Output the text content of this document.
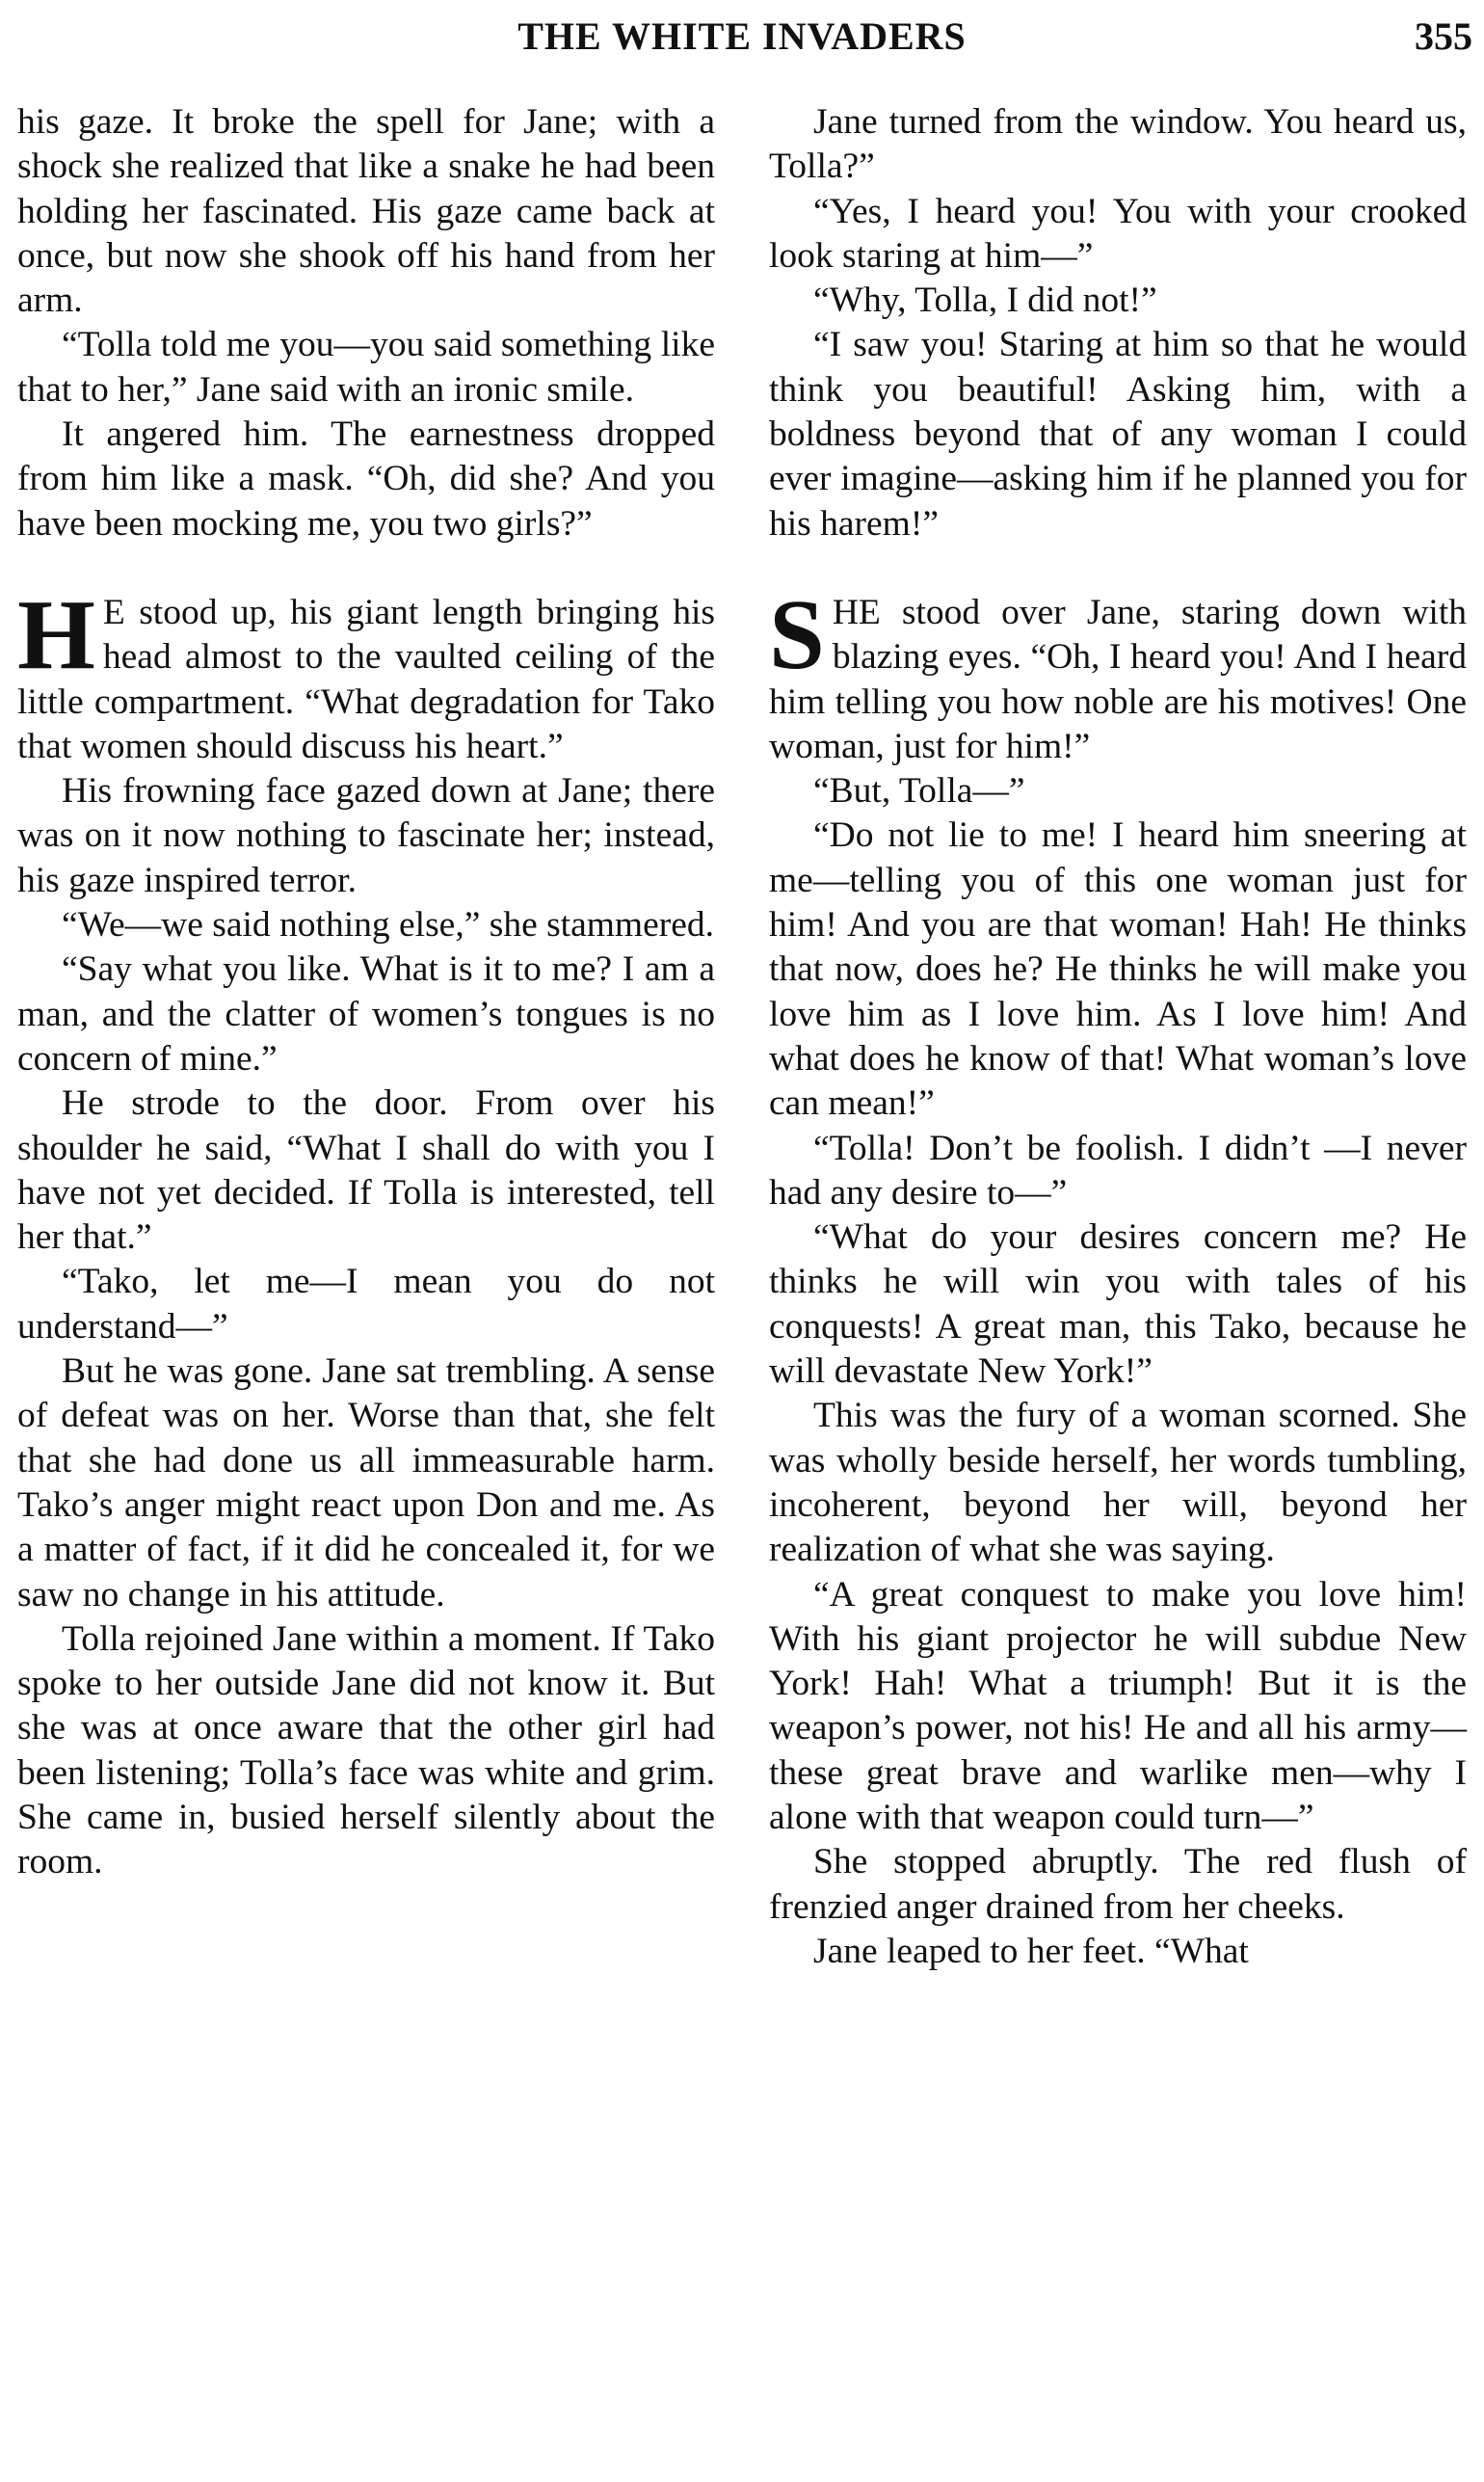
THE WHITE INVADERS	355

his gaze. It broke the spell for Jane; with a shock she realized that like a snake he had been holding her fascinated. His gaze came back at once, but now she shook off his hand from her arm.

“Tolla told me you—you said something like that to her,” Jane said with an ironic smile.

It angered him. The earnestness dropped from him like a mask. “Oh, did she? And you have been mocking me, you two girls?”

H E stood up, his giant length bringing his head almost to the vaulted ceiling of the little compartment. “What degradation for Tako that women should discuss his heart.”

His frowning face gazed down at Jane; there was on it now nothing to fascinate her; instead, his gaze inspired terror.

“We—we said nothing else,” she stammered.

“Say what you like. What is it to me? I am a man, and the clatter of women’s tongues is no concern of mine.”

He strode to the door. From over his shoulder he said, “What I shall do with you I have not yet decided. If Tolla is interested, tell her that.”

“Tako, let me—I mean you do not understand—”

But he was gone. Jane sat trembling. A sense of defeat was on her. Worse than that, she felt that she had done us all immeasurable harm. Tako’s anger might react upon Don and me. As a matter of fact, if it did he concealed it, for we saw no change in his attitude.

Tolla rejoined Jane within a moment. If Tako spoke to her outside Jane did not know it. But she was at once aware that the other girl had been listening; Tolla’s face was white and grim. She came in, busied herself silently about the room.

Jane turned from the window. You heard us, Tolla?”

“Yes, I heard you! You with your crooked look staring at him—”

“Why, Tolla, I did not!”

“I saw you! Staring at him so that he would think you beautiful! Asking him, with a boldness beyond that of any woman I could ever imagine—asking him if he planned you for his harem!”

SHE stood over Jane, staring down with blazing eyes. “Oh, I heard you! And I heard him telling you how noble are his motives! One woman, just for him!”

“But, Tolla—”

“Do not lie to me! I heard him sneering at me—telling you of this one woman just for him! And you are that woman! Hah! He thinks that now, does he? He thinks he will make you love him as I love him. As I love him! And what does he know of that! What woman’s love can mean!”

“Tolla! Don’t be foolish. I didn’t —I never had any desire to—”

“What do your desires concern me? He thinks he will win you with tales of his conquests! A great man, this Tako, because he will devastate New York!”

This was the fury of a woman scorned. She was wholly beside herself, her words tumbling, incoherent, beyond her will, beyond her realization of what she was saying.

“A great conquest to make you love him! With his giant projector he will subdue New York! Hah! What a triumph! But it is the weapon’s power, not his! He and all his army—these great brave and warlike men—why I alone with that weapon could turn—”

She stopped abruptly. The red flush of frenzied anger drained from her cheeks.

Jane leaped to her feet. “What
